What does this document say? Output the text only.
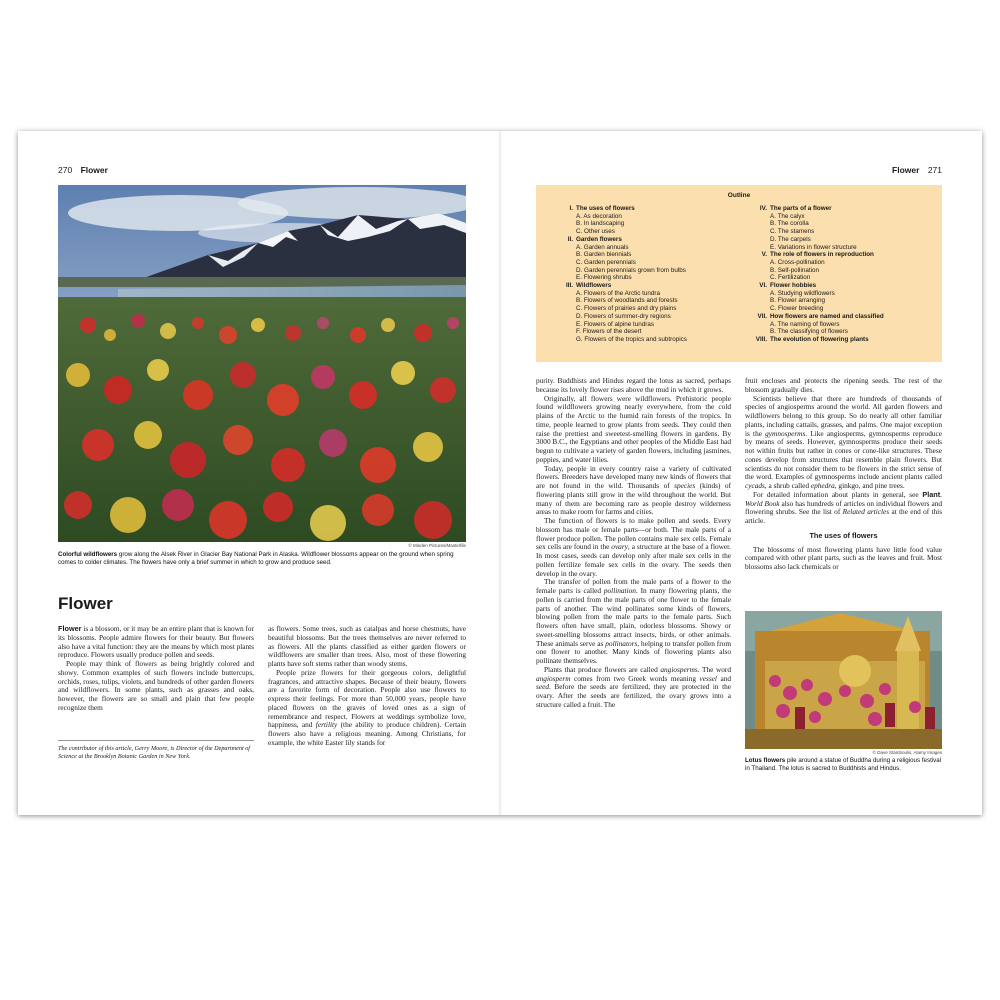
270 Flower	Flower 271
© Minden Pictures/Masterfile
Colorful wildflowers grow along the Alsek River in Glacier Bay National Park in Alaska. Wildflower blossoms appear on the ground when spring comes to colder climates. The flowers have only a brief summer in which to grow and produce seed.
Flower

Flower is a blossom, or it may be an entire plant that is known for its blossoms. People admire flowers for their beauty. But flowers also have a vital function: they are the means by which most plants reproduce. Flowers usually produce pollen and seeds.

People may think of flowers as being brightly colored and showy. Common examples of such flowers include buttercups, orchids, roses, tulips, violets, and hundreds of other garden flowers and wildflowers. In some plants, such as grasses and oaks, however, the flowers are so small and plain that few people recognize them

The contributor of this article, Gerry Moore, is Director of the Department of Science at the Brooklyn Botanic Garden in New York.

as flowers. Some trees, such as catalpas and horse chestnuts, have beautiful blossoms. But the trees themselves are never referred to as flowers. All the plants classified as either garden flowers or wildflowers are smaller than trees. Also, most of these flowering plants have soft stems rather than woody stems.

People prize flowers for their gorgeous colors, delightful fragrances, and attractive shapes. Because of their beauty, flowers are a favorite form of decoration. People also use flowers to express their feelings. For more than 50,000 years, people have placed flowers on the graves of loved ones as a sign of remembrance and respect. Flowers at weddings symbolize love, happiness, and fertility (the ability to produce children). Certain flowers also have a religious meaning. Among Christians, for example, the white Easter lily stands for

Outline
I. The uses of flowers
A. As decoration
B. In landscaping
C. Other uses
II. Garden flowers
A. Garden annuals
B. Garden biennials
C. Garden perennials
D. Garden perennials grown from bulbs
E. Flowering shrubs
III. Wildflowers
A. Flowers of the Arctic tundra
B. Flowers of woodlands and forests
C. Flowers of prairies and dry plains
D. Flowers of summer-dry regions
E. Flowers of alpine tundras
F. Flowers of the desert
G. Flowers of the tropics and subtropics
IV. The parts of a flower
A. The calyx
B. The corolla
C. The stamens
D. The carpels
E. Variations in flower structure
V. The role of flowers in reproduction
A. Cross-pollination
B. Self-pollination
C. Fertilization
VI. Flower hobbies
A. Studying wildflowers
B. Flower arranging
C. Flower breeding
VII. How flowers are named and classified
A. The naming of flowers
B. The classifying of flowers
VIII. The evolution of flowering plants

purity. Buddhists and Hindus regard the lotus as sacred, perhaps because its lovely flower rises above the mud in which it grows.

Originally, all flowers were wildflowers. Prehistoric people found wildflowers growing nearly everywhere, from the cold plains of the Arctic to the humid rain forests of the tropics. In time, people learned to grow plants from seeds. They could then raise the prettiest and sweetest-smelling flowers in gardens. By 3000 B.C., the Egyptians and other peoples of the Middle East had begun to cultivate a variety of garden flowers, including jasmines, poppies, and water lilies.

Today, people in every country raise a variety of cultivated flowers. Breeders have developed many new kinds of flowers that are not found in the wild. Thousands of species (kinds) of flowering plants still grow in the wild throughout the world. But many of them are becoming rare as people destroy wilderness areas to make room for farms and cities.

The function of flowers is to make pollen and seeds. Every blossom has male or female parts—or both. The male parts of a flower produce pollen. The pollen contains male sex cells. Female sex cells are found in the ovary, a structure at the base of a flower. In most cases, seeds can develop only after male sex cells in the pollen fertilize female sex cells in the ovary. The seeds then develop in the ovary.

The transfer of pollen from the male parts of a flower to the female parts is called pollination. In many flowering plants, the pollen is carried from the male parts of one flower to the female parts of another. The wind pollinates some kinds of flowers, blowing pollen from the male parts to the female parts. Such flowers often have small, plain, odorless blossoms. Showy or sweet-smelling blossoms attract insects, birds, or other animals. These animals serve as pollinators, helping to transfer pollen from one flower to another. Many kinds of flowering plants also pollinate themselves.

Plants that produce flowers are called angiosperms. The word angiosperm comes from two Greek words meaning vessel and seed. Before the seeds are fertilized, they are protected in the ovary. After the seeds are fertilized, the ovary grows into a structure called a fruit. The

fruit encloses and protects the ripening seeds. The rest of the blossom gradually dies.

Scientists believe that there are hundreds of thousands of species of angiosperms around the world. All garden flowers and wildflowers belong to this group. So do nearly all other familiar plants, including cattails, grasses, and palms. One major exception is the gymnosperms. Like angiosperms, gymnosperms reproduce by means of seeds. However, gymnosperms produce their seeds not within fruits but rather in cones or cone-like structures. These cones develop from structures that resemble plain flowers. But scientists do not consider them to be flowers in the strict sense of the word. Examples of gymnosperms include ancient plants called cycads, a shrub called ephedra, ginkgo, and pine trees.

For detailed information about plants in general, see Plant. World Book also has hundreds of articles on individual flowers and flowering shrubs. See the list of Related articles at the end of this article.

The uses of flowers

The blossoms of most flowering plants have little food value compared with other plant parts, such as the leaves and fruit. Most blossoms also lack chemicals or

© Dave Stamboulis, Alamy Images
Lotus flowers pile around a statue of Buddha during a religious festival in Thailand. The lotus is sacred to Buddhists and Hindus.
